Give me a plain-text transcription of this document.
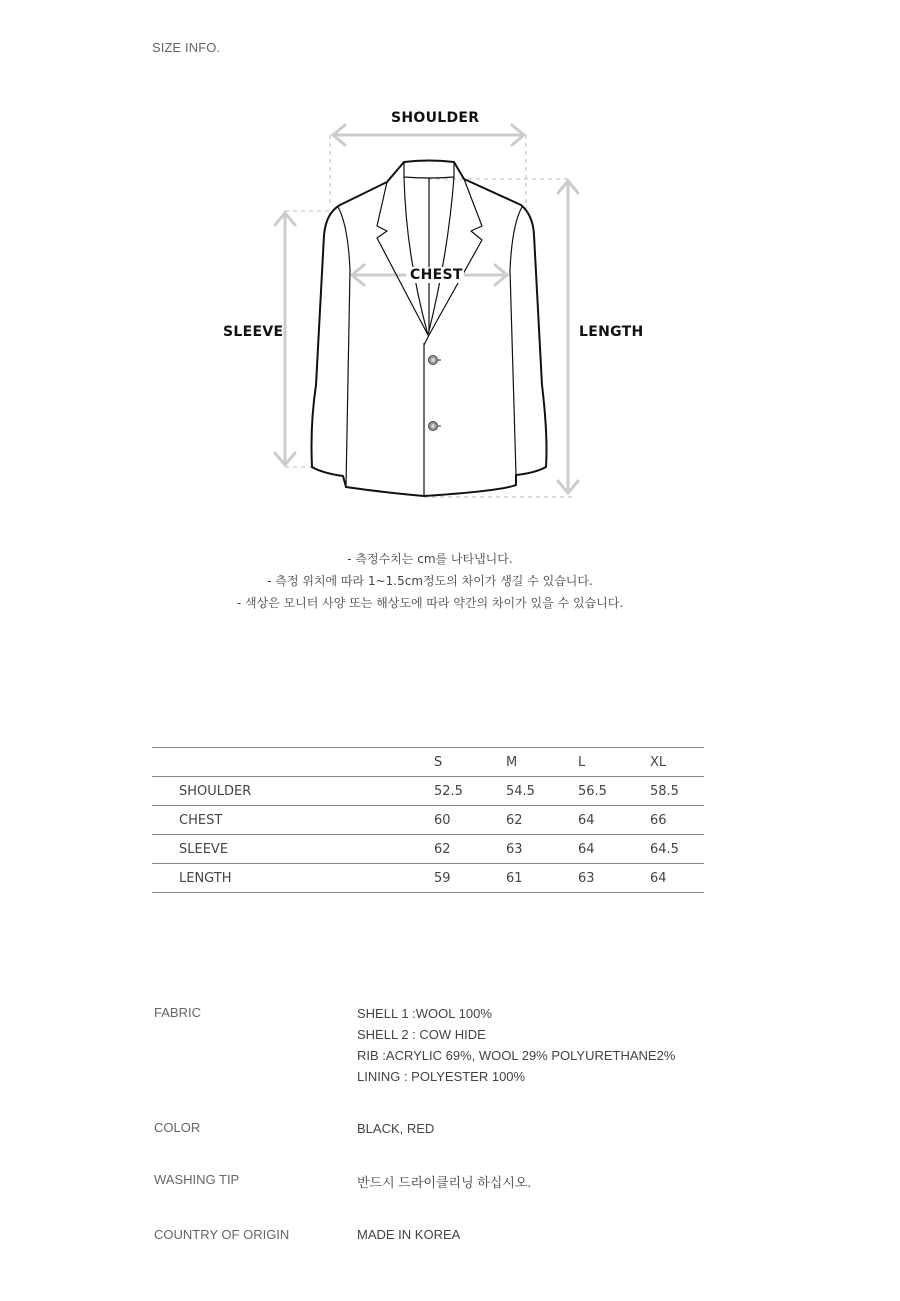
SIZE INFO.
SHOULDER
CHEST
SLEEVE	LENGTH
- 측정수치는 cm를 나타냅니다.
- 측정 위치에 따라 1~1.5cm정도의 차이가 생길 수 있습니다.
- 색상은 모니터 사양 또는 해상도에 따라 약간의 차이가 있을 수 있습니다.
	S	M	L	XL
SHOULDER	52.5	54.5	56.5	58.5
CHEST	60	62	64	66
SLEEVE	62	63	64	64.5
LENGTH	59	61	63	64
FABRIC	SHELL 1 :WOOL 100%
SHELL 2 : COW HIDE
RIB :ACRYLIC 69%, WOOL 29% POLYURETHANE2%
LINING : POLYESTER 100%
COLOR	BLACK, RED
WASHING TIP	반드시 드라이클리닝 하십시오.
COUNTRY OF ORIGIN	MADE IN KOREA
